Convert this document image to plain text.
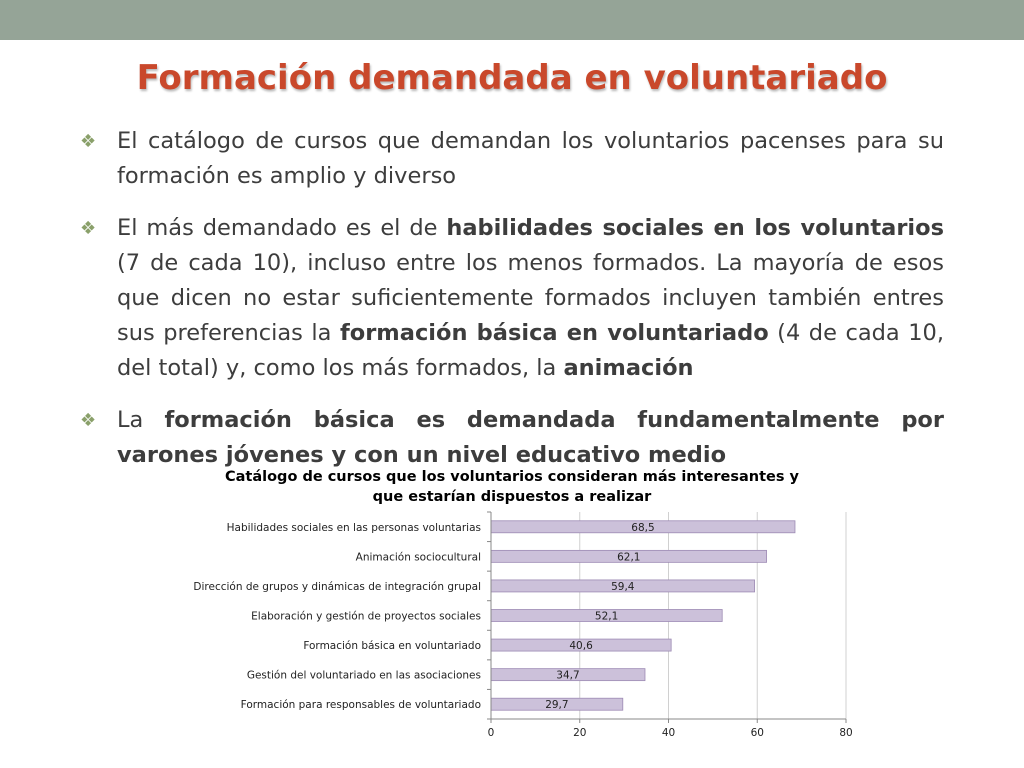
Formación demandada en voluntariado
❖ El catálogo de cursos que demandan los voluntarios pacenses para su formación es amplio y diverso
❖ El más demandado es el de habilidades sociales en los voluntarios (7 de cada 10), incluso entre los menos formados. La mayoría de esos que dicen no estar suficientemente formados incluyen también entres sus preferencias la formación básica en voluntariado (4 de cada 10, del total) y, como los más formados, la animación
❖ La formación básica es demandada fundamentalmente por varones jóvenes y con un nivel educativo medio
Catálogo de cursos que los voluntarios consideran más interesantes y
que estarían dispuestos a realizar
68,5
Habilidades sociales en las personas voluntarias
62,1
Animación sociocultural
59,4
Dirección de grupos y dinámicas de integración grupal
52,1
Elaboración y gestión de proyectos sociales
40,6
Formación básica en voluntariado
34,7
Gestión del voluntariado en las asociaciones
29,7
Formación para responsables de voluntariado
0	20	40	60	80
